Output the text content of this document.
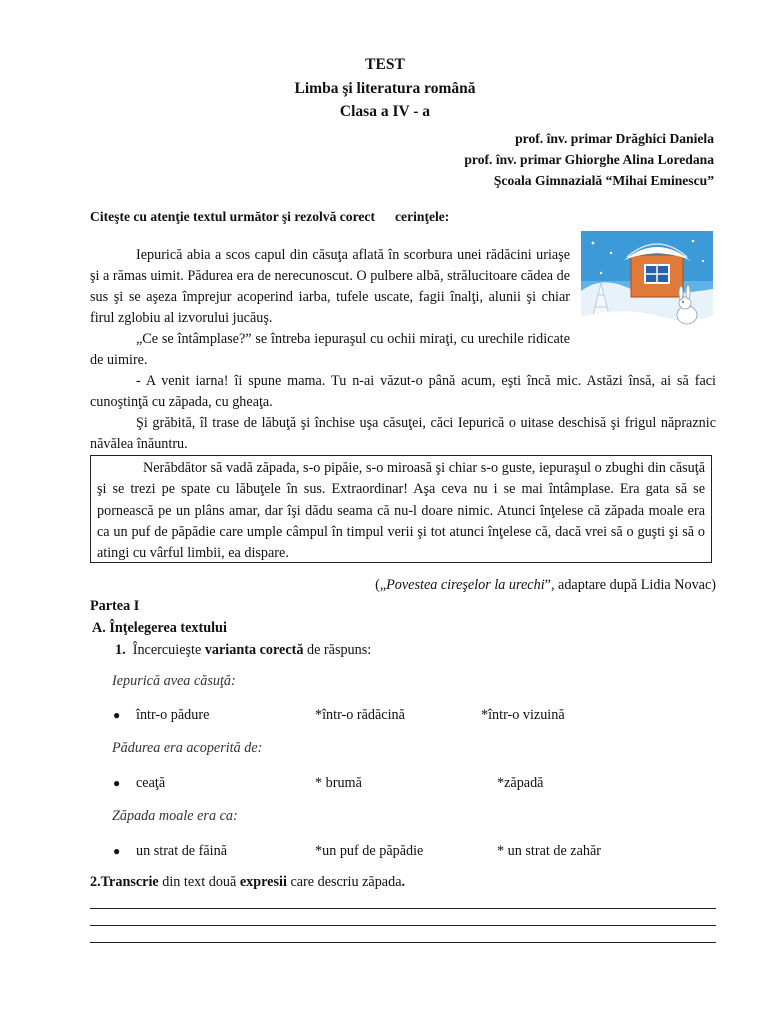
TEST
Limba şi literatura română
Clasa a IV - a
prof. înv. primar Drăghici Daniela
prof. înv. primar Ghiorghe Alina Loredana
Şcoala Gimnazială “Mihai Eminescu”
Citeşte cu atenţie textul următor şi rezolvă corect cerinţele:

Iepurică abia a scos capul din căsuţa aflată în scorbura unei rădăcini uriaşe şi a rămas uimit. Pădurea era de nerecunoscut. O pulbere albă, strălucitoare cădea de sus şi se aşeza împrejur acoperind iarba, tufele uscate, fagii înalţi, alunii şi chiar firul zglobiu al izvorului jucăuş.

„Ce se întâmplase?” se întreba iepuraşul cu ochii miraţi, cu urechile ridicate de uimire.

- A venit iarna! îi spune mama. Tu n-ai văzut-o până acum, eşti încă mic. Astăzi însă, ai să faci cunoştinţă cu zăpada, cu gheaţa.

Şi grăbită, îl trase de lăbuţă şi închise uşa căsuţei, căci Iepurică o uitase deschisă şi frigul năpraznic năvălea înăuntru.

Nerăbdător să vadă zăpada, s-o pipăie, s-o miroasă şi chiar s-o guste, iepuraşul o zbughi din căsuţă şi se trezi pe spate cu lăbuţele în sus. Extraordinar! Aşa ceva nu i se mai întâmplase. Era gata să se pornească pe un plâns amar, dar îşi dădu seama că nu-l doare nimic. Atunci înţelese că zăpada moale era ca un puf de păpădie care umple câmpul în timpul verii şi tot atunci înţelese că, dacă vrei să o guşti şi să o atingi cu vârful limbii, ea dispare.

(„Povestea cireşelor la urechi”, adaptare după Lidia Novac)
Partea I
A. Înţelegerea textului
1. Încercuieşte varianta corectă de răspuns:
Iepurică avea căsuţă:
● într-o pădure	*într-o rădăcină	*într-o vizuină
Pădurea era acoperită de:
● ceaţă	* brumă	*zăpadă
Zăpada moale era ca:
● un strat de făină	*un puf de păpădie	* un strat de zahăr
2.Transcrie din text două expresii care descriu zăpada.
